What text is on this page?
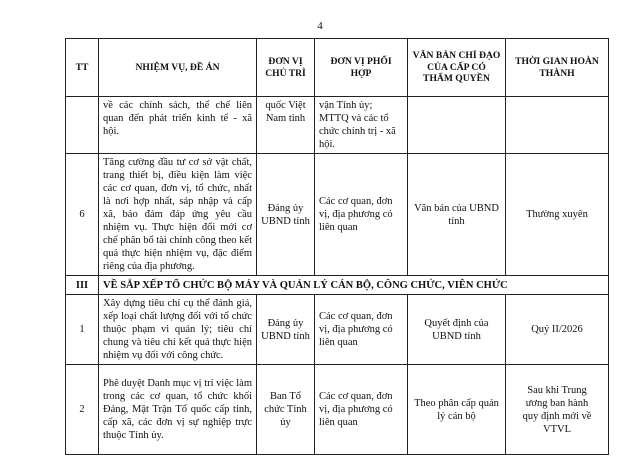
4
TT	NHIỆM VỤ, ĐỀ ÁN	ĐƠN VỊ CHỦ TRÌ	ĐƠN VỊ PHỐI HỢP	VĂN BẢN CHỈ ĐẠO CỦA CẤP CÓ THẨM QUYỀN	THỜI GIAN HOÀN THÀNH
	về các chính sách, thể chế liên quan đến phát triển kinh tế - xã hội.	quốc Việt Nam tỉnh	vận Tỉnh ủy; MTTQ và các tổ chức chính trị - xã hội.		
6	Tăng cường đầu tư cơ sở vật chất, trang thiết bị, điều kiện làm việc các cơ quan, đơn vị, tổ chức, nhất là nơi hợp nhất, sáp nhập và cấp xã, bảo đảm đáp ứng yêu cầu nhiệm vụ. Thực hiện đổi mới cơ chế phân bổ tài chính công theo kết quả thực hiện nhiệm vụ, đặc điểm riêng của địa phương.	Đảng ủy UBND tỉnh	Các cơ quan, đơn vị, địa phương có liên quan	Văn bản của UBND tỉnh	Thường xuyên
III	VỀ SẮP XẾP TỔ CHỨC BỘ MÁY VÀ QUẢN LÝ CÁN BỘ, CÔNG CHỨC, VIÊN CHỨC				
1	Xây dựng tiêu chí cụ thể đánh giá, xếp loại chất lượng đối với tổ chức thuộc phạm vi quản lý; tiêu chí chung và tiêu chí kết quả thực hiện nhiệm vụ đối với công chức.	Đảng ủy UBND tỉnh	Các cơ quan, đơn vị, địa phương có liên quan	Quyết định của UBND tỉnh	Quý II/2026
2	Phê duyệt Danh mục vị trí việc làm trong các cơ quan, tổ chức khối Đảng, Mặt Trận Tổ quốc cấp tỉnh, cấp xã, các đơn vị sự nghiệp trực thuộc Tỉnh ủy.	Ban Tổ chức Tỉnh ủy	Các cơ quan, đơn vị, địa phương có liên quan	Theo phân cấp quản lý cán bộ	Sau khi Trung ương ban hành quy định mới về VTVL
